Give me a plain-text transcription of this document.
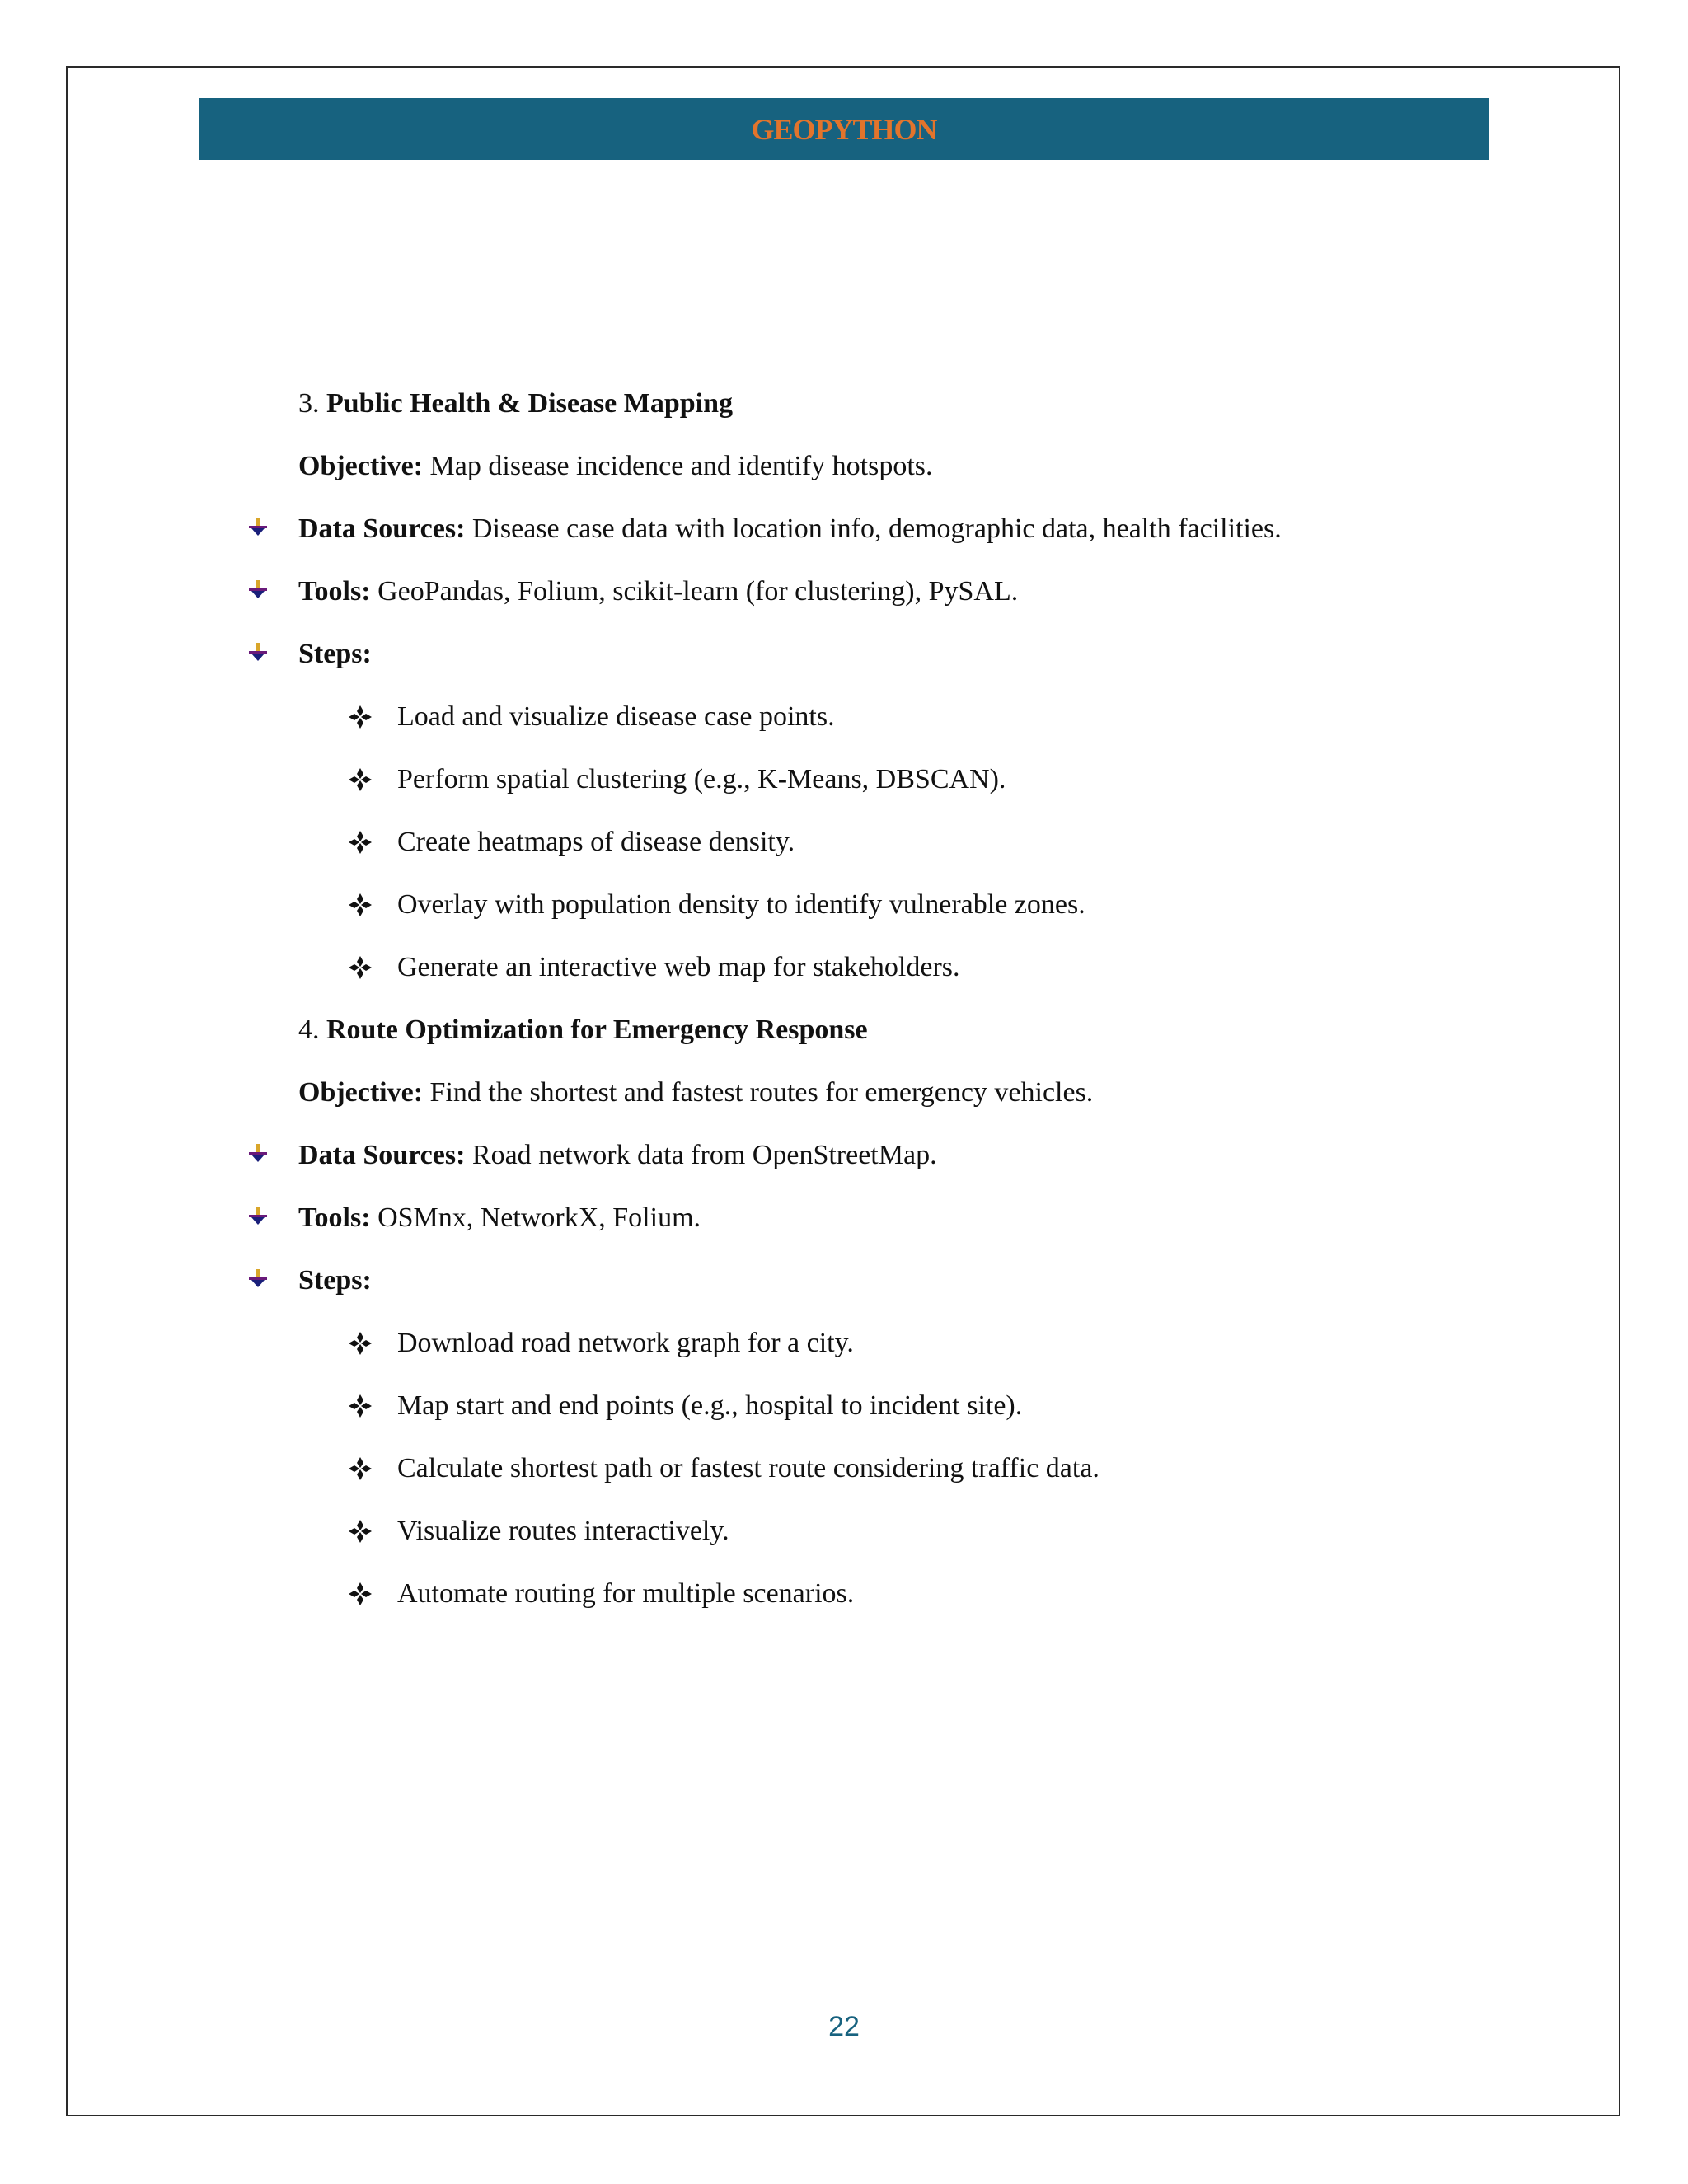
GEOPYTHON
3. Public Health & Disease Mapping
Objective: Map disease incidence and identify hotspots.
Data Sources: Disease case data with location info, demographic data, health facilities.
Tools: GeoPandas, Folium, scikit-learn (for clustering), PySAL.
Steps:
Load and visualize disease case points.
Perform spatial clustering (e.g., K-Means, DBSCAN).
Create heatmaps of disease density.
Overlay with population density to identify vulnerable zones.
Generate an interactive web map for stakeholders.
4. Route Optimization for Emergency Response
Objective: Find the shortest and fastest routes for emergency vehicles.
Data Sources: Road network data from OpenStreetMap.
Tools: OSMnx, NetworkX, Folium.
Steps:
Download road network graph for a city.
Map start and end points (e.g., hospital to incident site).
Calculate shortest path or fastest route considering traffic data.
Visualize routes interactively.
Automate routing for multiple scenarios.
22
